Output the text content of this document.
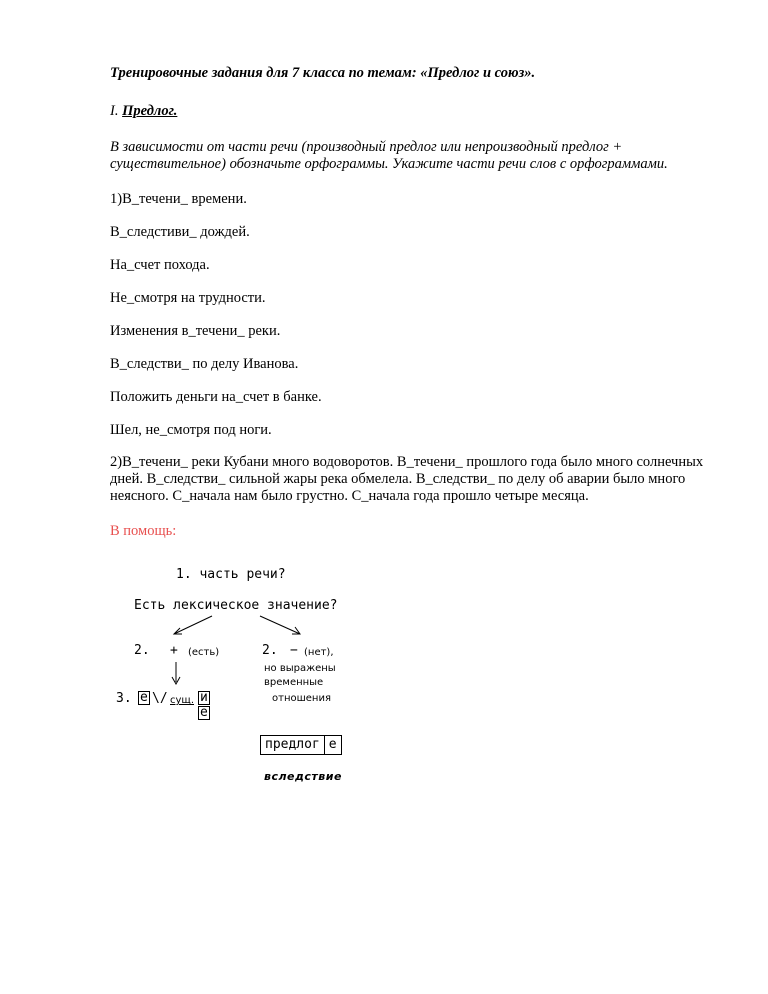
Тренировочные задания для 7 класса по темам: «Предлог и союз».

I. Предлог.

В зависимости от части речи (производный предлог или непроизводный предлог + существительное) обозначьте орфограммы. Укажите части речи слов с орфограммами.

1)В_течени_ времени.

В_следстиви_ дождей.

На_счет похода.

Не_смотря на трудности.

Изменения в_течени_ реки.

В_следстви_ по делу Иванова.

Положить деньги на_счет в банке.

Шел, не_смотря под ноги.

2)В_течени_ реки Кубани много водоворотов. В_течени_ прошлого года было много солнечных дней. В_следстви_ сильной жары река обмелела. В_следстви_ по делу об аварии было много неясного. С_начала нам было грустно. С_начала года прошло четыре месяца.

В помощь:

1. часть речи?
Есть лексическое значение?
2. + (есть)	2. − (нет),
но выражены
временные
отношения
3. е \/ сущ. и
е
предлог е
вследствие
